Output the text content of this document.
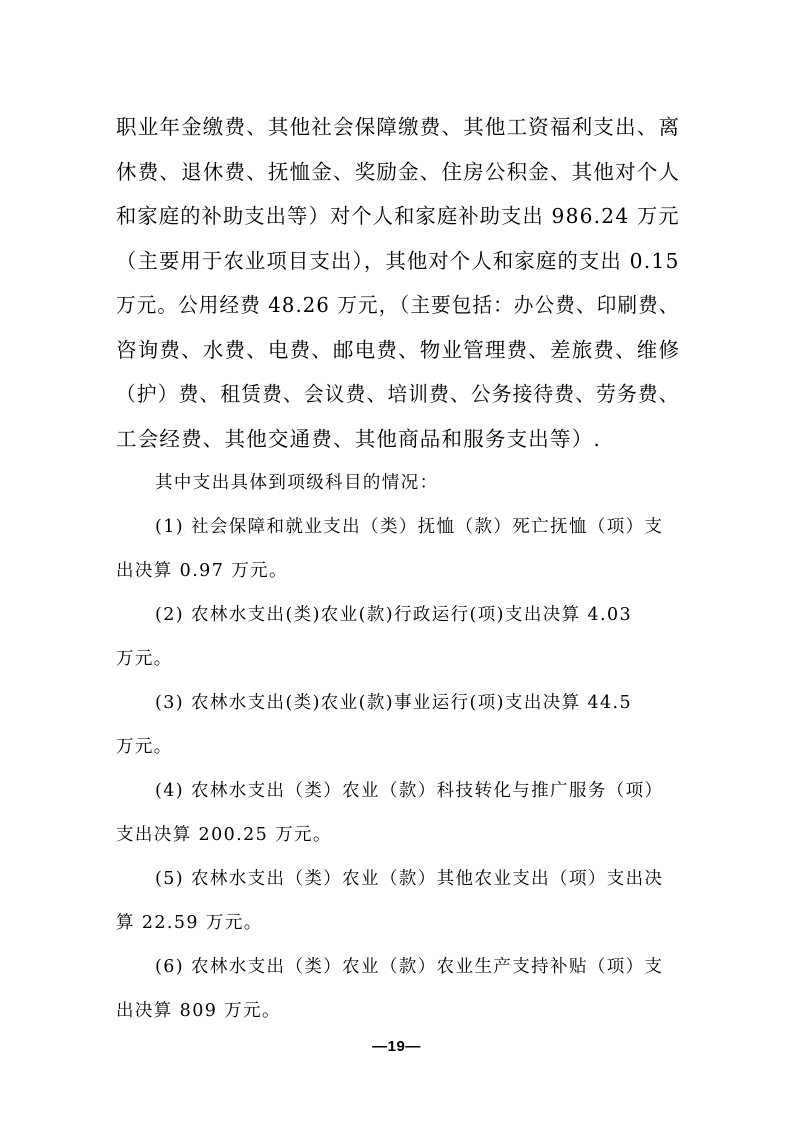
职业年金缴费、其他社会保障缴费、其他工资福利支出、离
休费、退休费、抚恤金、奖励金、住房公积金、其他对个人
和家庭的补助支出等）对个人和家庭补助支出 986.24 万元
（主要用于农业项目支出），其他对个人和家庭的支出 0.15
万元。公用经费 48.26 万元，（主要包括：办公费、印刷费、
咨询费、水费、电费、邮电费、物业管理费、差旅费、维修
（护）费、租赁费、会议费、培训费、公务接待费、劳务费、
工会经费、其他交通费、其他商品和服务支出等）.
其中支出具体到项级科目的情况：
(1) 社会保障和就业支出（类）抚恤（款）死亡抚恤（项）支
出决算 0.97 万元。
(2) 农林水支出(类)农业(款)行政运行(项)支出决算 4.03
万元。
(3) 农林水支出(类)农业(款)事业运行(项)支出决算 44.5
万元。
(4) 农林水支出（类）农业（款）科技转化与推广服务（项）
支出决算 200.25 万元。
(5) 农林水支出（类）农业（款）其他农业支出（项）支出决
算 22.59 万元。
(6) 农林水支出（类）农业（款）农业生产支持补贴（项）支
出决算 809 万元。
—19—
